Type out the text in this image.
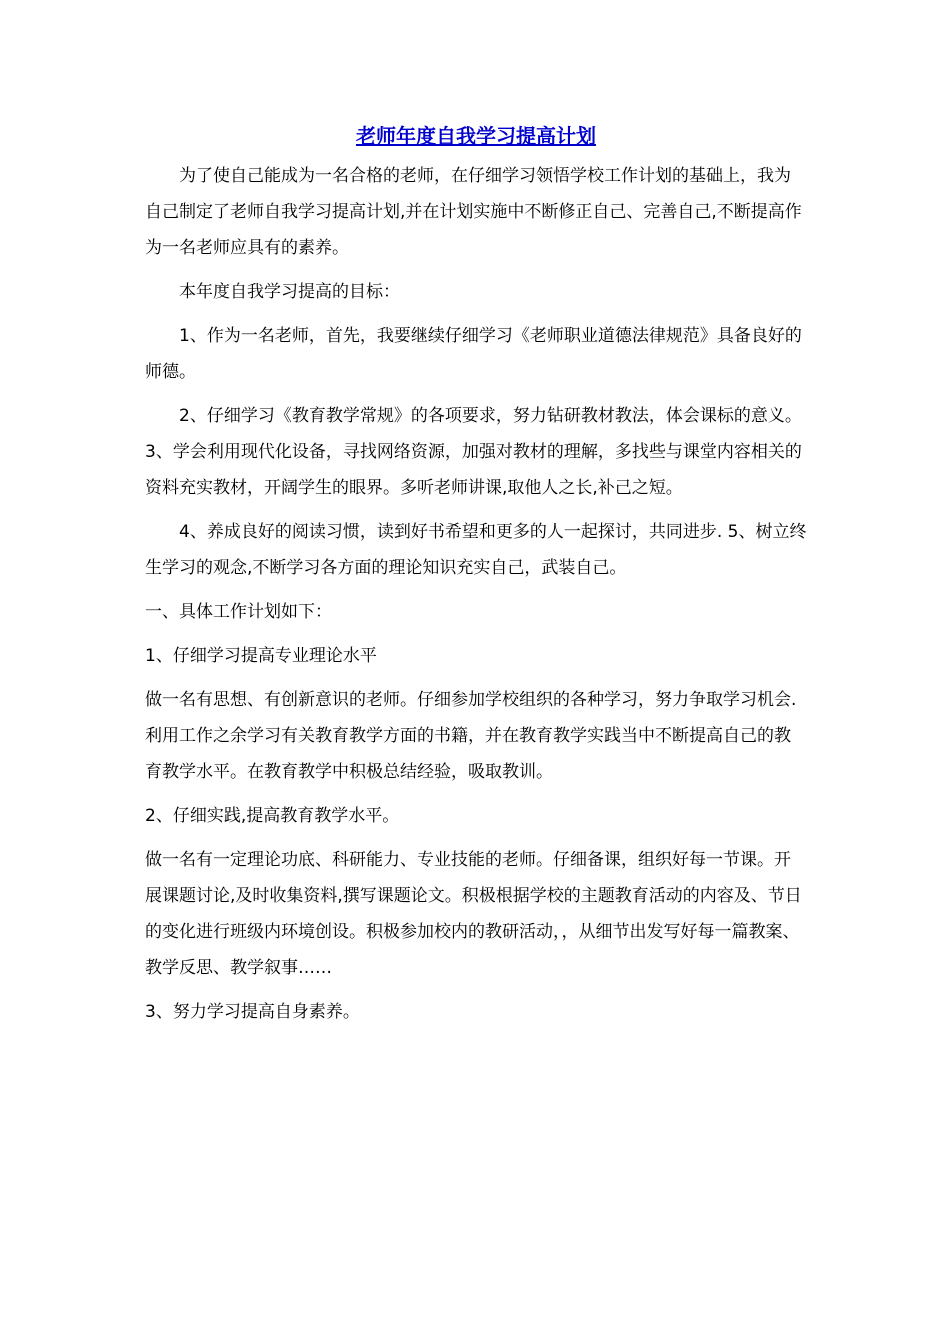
老师年度自我学习提高计划

为了使自己能成为一名合格的老师，在仔细学习领悟学校工作计划的基础上，我为自己制定了老师自我学习提高计划,并在计划实施中不断修正自己、完善自己,不断提高作为一名老师应具有的素养。

本年度自我学习提高的目标：

1、作为一名老师，首先，我要继续仔细学习《老师职业道德法律规范》具备良好的师德。

2、仔细学习《教育教学常规》的各项要求，努力钻研教材教法，体会课标的意义。 3、学会利用现代化设备，寻找网络资源，加强对教材的理解，多找些与课堂内容相关的资料充实教材，开阔学生的眼界。多听老师讲课,取他人之长,补己之短。

4、养成良好的阅读习惯，读到好书希望和更多的人一起探讨，共同进步. 5、树立终生学习的观念,不断学习各方面的理论知识充实自己，武装自己。

一、具体工作计划如下：

1、仔细学习提高专业理论水平

做一名有思想、有创新意识的老师。仔细参加学校组织的各种学习，努力争取学习机会.利用工作之余学习有关教育教学方面的书籍，并在教育教学实践当中不断提高自己的教育教学水平。在教育教学中积极总结经验，吸取教训。

2、仔细实践,提高教育教学水平。

做一名有一定理论功底、科研能力、专业技能的老师。仔细备课，组织好每一节课。开展课题讨论,及时收集资料,撰写课题论文。积极根据学校的主题教育活动的内容及、节日的变化进行班级内环境创设。积极参加校内的教研活动，，从细节出发写好每一篇教案、教学反思、教学叙事……

3、努力学习提高自身素养。
